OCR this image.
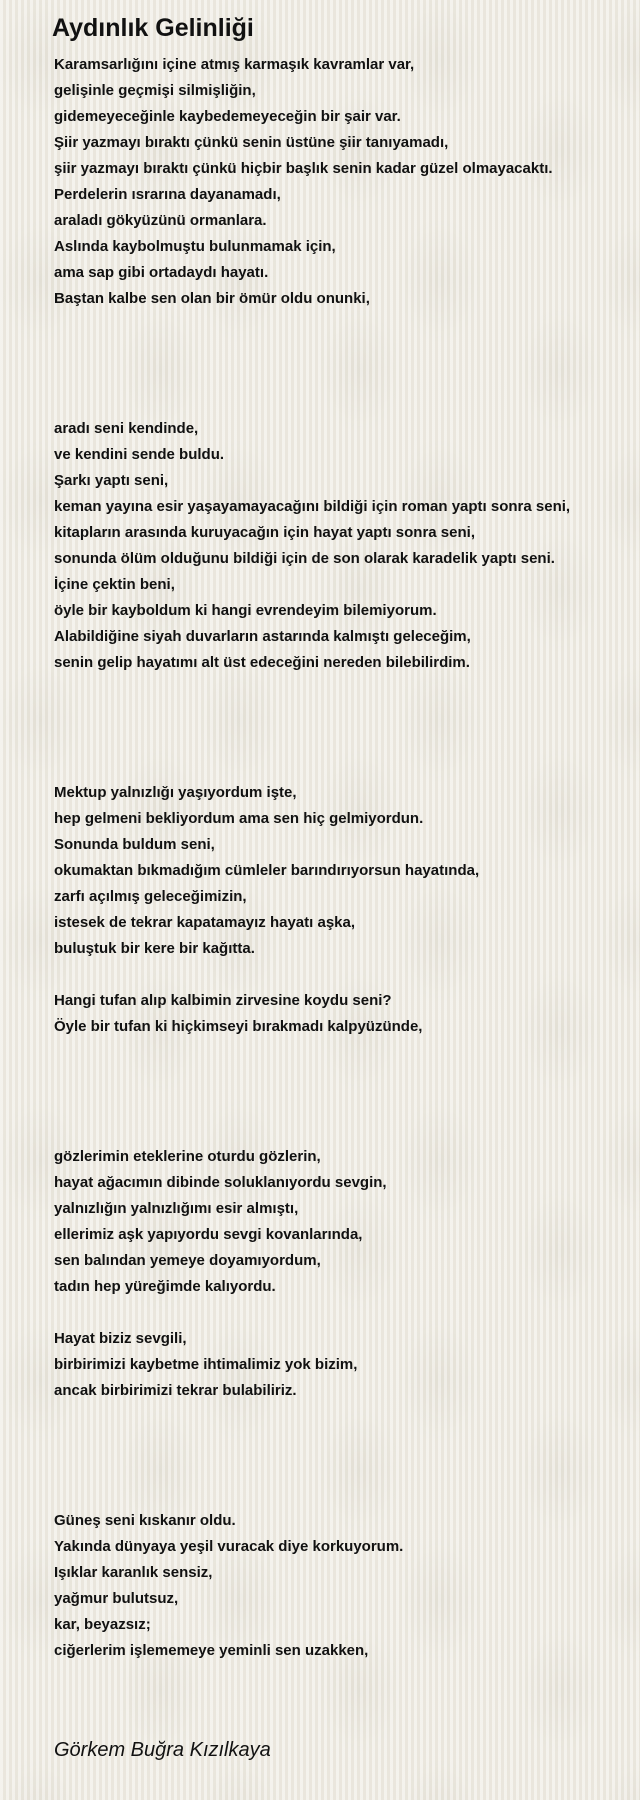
Aydınlık Gelinliği
Karamsarlığını içine atmış karmaşık kavramlar var,
gelişinle geçmişi silmişliğin,
gidemeyeceğinle kaybedemeyeceğin bir şair var.
Şiir yazmayı bıraktı çünkü senin üstüne şiir tanıyamadı,
şiir yazmayı bıraktı çünkü hiçbir başlık senin kadar güzel olmayacaktı.
Perdelerin ısrarına dayanamadı,
araladı gökyüzünü ormanlara.
Aslında kaybolmuştu bulunmamak için,
ama sap gibi ortadaydı hayatı.
Baştan kalbe sen olan bir ömür oldu onunki,
aradı seni kendinde,
ve kendini sende buldu.
Şarkı yaptı seni,
keman yayına esir yaşayamayacağını bildiği için roman yaptı sonra seni,
kitapların arasında kuruyacağın için hayat yaptı sonra seni,
sonunda ölüm olduğunu bildiği için de son olarak karadelik yaptı seni.
İçine çektin beni,
öyle bir kayboldum ki hangi evrendeyim bilemiyorum.
Alabildiğine siyah duvarların astarında kalmıştı geleceğim,
senin gelip hayatımı alt üst edeceğini nereden bilebilirdim.
Mektup yalnızlığı yaşıyordum işte,
hep gelmeni bekliyordum ama sen hiç gelmiyordun.
Sonunda buldum seni,
okumaktan bıkmadığım cümleler barındırıyorsun hayatında,
zarfı açılmış geleceğimizin,
istesek de tekrar kapatamayız hayatı aşka,
buluştuk bir kere bir kağıtta.
Hangi tufan alıp kalbimin zirvesine koydu seni?
Öyle bir tufan ki hiçkimseyi bırakmadı kalpyüzünde,
gözlerimin eteklerine oturdu gözlerin,
hayat ağacımın dibinde soluklanıyordu sevgin,
yalnızlığın yalnızlığımı esir almıştı,
ellerimiz aşk yapıyordu sevgi kovanlarında,
sen balından yemeye doyamıyordum,
tadın hep yüreğimde kalıyordu.
Hayat biziz sevgili,
birbirimizi kaybetme ihtimalimiz yok bizim,
ancak birbirimizi tekrar bulabiliriz.
Güneş seni kıskanır oldu.
Yakında dünyaya yeşil vuracak diye korkuyorum.
Işıklar karanlık sensiz,
yağmur bulutsuz,
kar, beyazsız;
ciğerlerim işlememeye yeminli sen uzakken,
Görkem Buğra Kızılkaya
